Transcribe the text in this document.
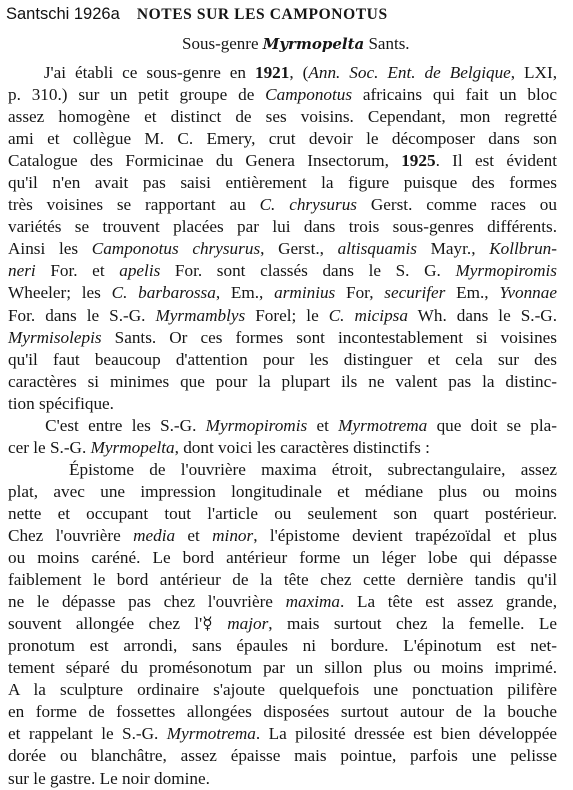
Santschi 1926a NOTES SUR LES CAMPONOTUS
Sous-genre Myrmopelta Sants.
J'ai établi ce sous-genre en 1921, (Ann. Soc. Ent. de Belgique, LXI,
p. 310.) sur un petit groupe de Camponotus africains qui fait un bloc
assez homogène et distinct de ses voisins. Cependant, mon regretté
ami et collègue M. C. Emery, crut devoir le décomposer dans son
Catalogue des Formicinae du Genera Insectorum, 1925. Il est évident
qu'il n'en avait pas saisi entièrement la figure puisque des formes
très voisines se rapportant au C. chrysurus Gerst. comme races ou
variétés se trouvent placées par lui dans trois sous-genres différents.
Ainsi les Camponotus chrysurus, Gerst., altisquamis Mayr., Kollbrun-
neri For. et apelis For. sont classés dans le S. G. Myrmopiromis
Wheeler; les C. barbarossa, Em., arminius For, securifer Em., Yvonnae
For. dans le S.-G. Myrmamblys Forel; le C. micipsa Wh. dans le S.-G.
Myrmisolepis Sants. Or ces formes sont incontestablement si voisines
qu'il faut beaucoup d'attention pour les distinguer et cela sur des
caractères si minimes que pour la plupart ils ne valent pas la distinc-
tion spécifique.
C'est entre les S.-G. Myrmopiromis et Myrmotrema que doit se pla-
cer le S.-G. Myrmopelta, dont voici les caractères distinctifs :
Épistome de l'ouvrière maxima étroit, subrectangulaire, assez
plat, avec une impression longitudinale et médiane plus ou moins
nette et occupant tout l'article ou seulement son quart postérieur.
Chez l'ouvrière media et minor, l'épistome devient trapézoïdal et plus
ou moins caréné. Le bord antérieur forme un léger lobe qui dépasse
faiblement le bord antérieur de la tête chez cette dernière tandis qu'il
ne le dépasse pas chez l'ouvrière maxima. La tête est assez grande,
souvent allongée chez l'☿ major, mais surtout chez la femelle. Le
pronotum est arrondi, sans épaules ni bordure. L'épinotum est net-
tement séparé du promésonotum par un sillon plus ou moins imprimé.
A la sculpture ordinaire s'ajoute quelquefois une ponctuation pilifère
en forme de fossettes allongées disposées surtout autour de la bouche
et rappelant le S.-G. Myrmotrema. La pilosité dressée est bien développée
dorée ou blanchâtre, assez épaisse mais pointue, parfois une pelisse
sur le gastre. Le noir domine.
